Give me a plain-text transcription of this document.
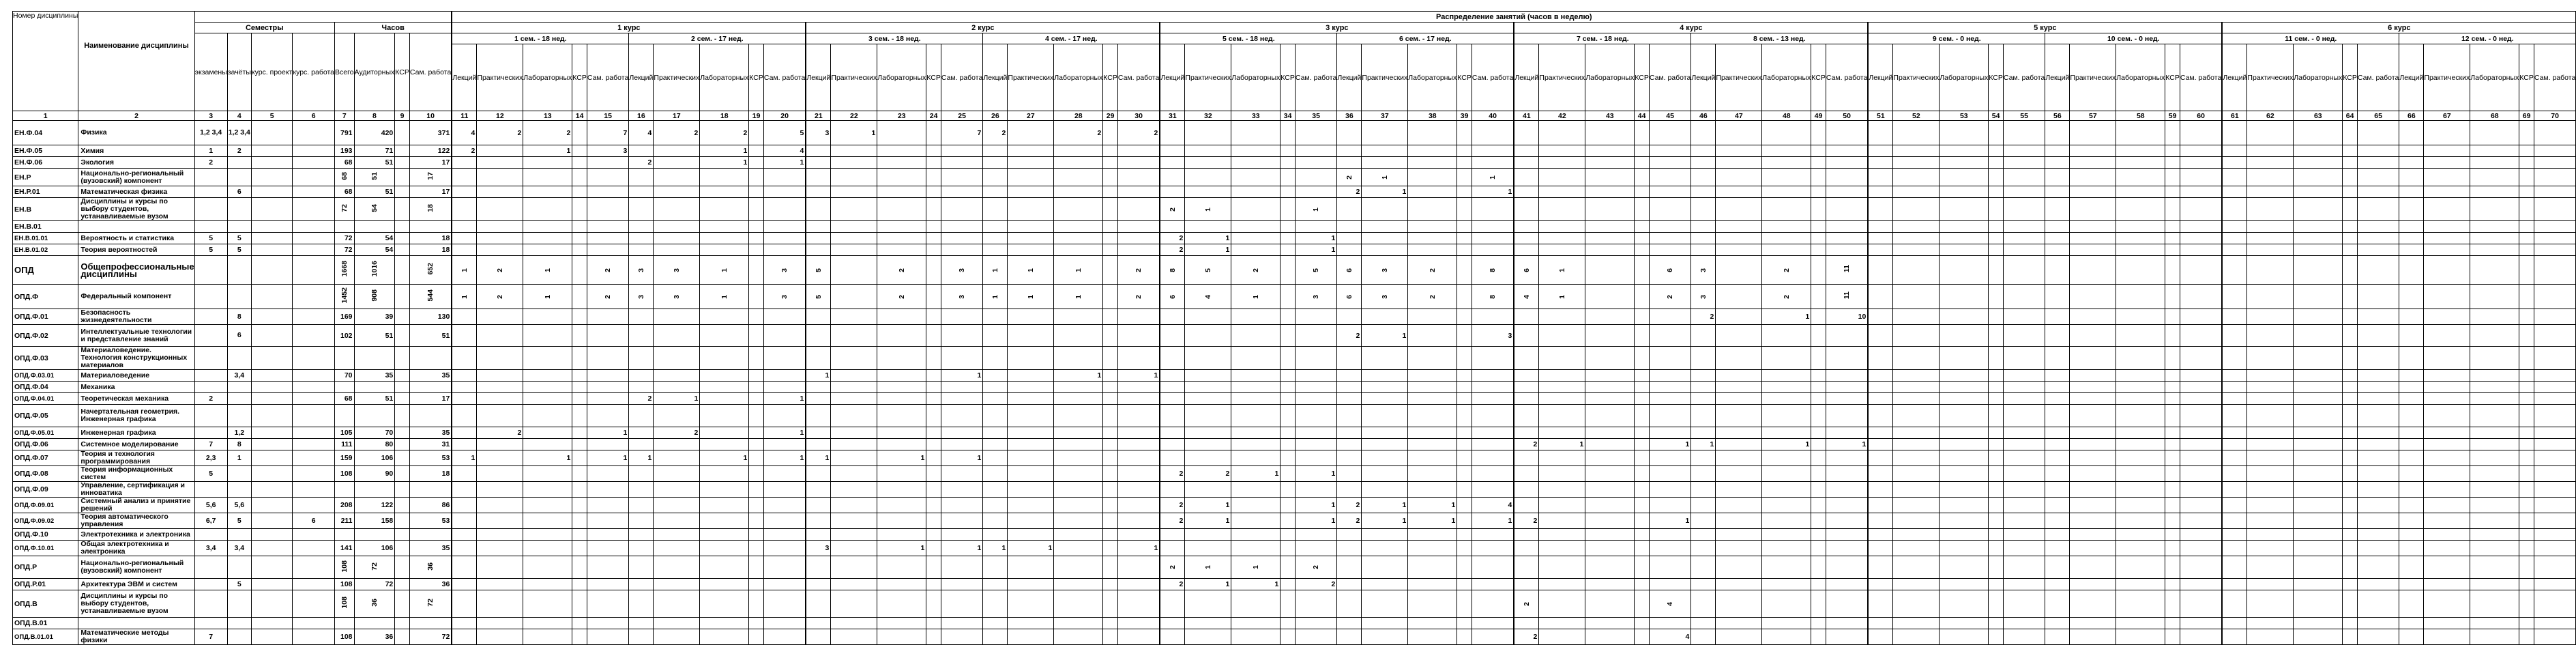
Номер дисциплины	Наименование дисциплины		Распределение занятий (часов в неделю)
Семестры	Часов	1 курс	2 курс	3 курс	4 курс	5 курс	6 курс
экзамены	зачёты	курс. проект	курс. работа	Всего	Аудиторных	КСР	Сам. работа	1 сем. - 18 нед.	2 сем. - 17 нед.	3 сем. - 18 нед.	4 сем. - 17 нед.	5 сем. - 18 нед.	6 сем. - 17 нед.	7 сем. - 18 нед.	8 сем. - 13 нед.	9 сем. - 0 нед.	10 сем. - 0 нед.	11 сем. - 0 нед.	12 сем. - 0 нед.
Лекций	Практических	Лабораторных	КСР	Сам. работа	Лекций	Практических	Лабораторных	КСР	Сам. работа	Лекций	Практических	Лабораторных	КСР	Сам. работа	Лекций	Практических	Лабораторных	КСР	Сам. работа	Лекций	Практических	Лабораторных	КСР	Сам. работа	Лекций	Практических	Лабораторных	КСР	Сам. работа	Лекций	Практических	Лабораторных	КСР	Сам. работа	Лекций	Практических	Лабораторных	КСР	Сам. работа	Лекций	Практических	Лабораторных	КСР	Сам. работа	Лекций	Практических	Лабораторных	КСР	Сам. работа	Лекций	Практических	Лабораторных	КСР	Сам. работа	Лекций	Практических	Лабораторных	КСР	Сам. работа
1	2	3	4	5	6	7	8	9	10	11	12	13	14	15	16	17	18	19	20	21	22	23	24	25	26	27	28	29	30	31	32	33	34	35	36	37	38	39	40	41	42	43	44	45	46	47	48	49	50	51	52	53	54	55	56	57	58	59	60	61	62	63	64	65	66	67	68	69	70
ЕН.Ф.04	Физика	1,2 3,4	1,2 3,4			791	420		371	4	2	2		7	4	2	2		5	3	1			7	2		2		2																																								
ЕН.Ф.05	Химия	1	2			193	71		122	2		1		3			1		4																																																		
ЕН.Ф.06	Экология	2				68	51		17						2		1		1																																																		
ЕН.Р	Национально-региональный (вузовский) компонент					68	51		17																										2	1			1																														
ЕН.Р.01	Математическая физика		6			68	51		17																										2	1			1																														
ЕН.В	Дисциплины и курсы по выбору студентов, устанавливаемые вузом					72	54		18																					2	1			1																																			
ЕН.В.01																																																																					
ЕН.В.01.01	Вероятность и статистика	5	5			72	54		18																					2	1			1																																			
ЕН.В.01.02	Теория вероятностей	5	5			72	54		18																					2	1			1																																			
ОПД	Общепрофессиональные дисциплины					1668	1016		652	1	2	1		2	3	3	1		3	5		2		3	1	1	1		2	8	5	2		5	6	3	2		8	6	1			6	3		2		11																				
ОПД.Ф	Федеральный компонент					1452	908		544	1	2	1		2	3	3	1		3	5		2		3	1	1	1		2	6	4	1		3	6	3	2		8	4	1			2	3		2		11																				
ОПД.Ф.01	Безопасность жизнедеятельности		8			169	39		130																																				2		1		10																				
ОПД.Ф.02	Интеллектуальные технологии и представление знаний		6			102	51		51																										2	1			3																														
ОПД.Ф.03	Материаловедение. Технология конструкционных материалов																																																																				
ОПД.Ф.03.01	Материаловедение		3,4			70	35		35											1				1			1		1																																								
ОПД.Ф.04	Механика																																																																				
ОПД.Ф.04.01	Теоретическая механика	2				68	51		17						2	1			1																																																		
ОПД.Ф.05	Начертательная геометрия. Инженерная графика																																																																				
ОПД.Ф.05.01	Инженерная графика		1,2			105	70		35		2			1		2			1																																																		
ОПД.Ф.06	Системное моделирование	7	8			111	80		31																															2	1			1	1		1		1																				
ОПД.Ф.07	Теория и технология программирования	2,3	1			159	106		53	1		1		1	1		1		1	1		1		1																																													
ОПД.Ф.08	Теория информационных систем	5				108	90		18																					2	2	1		1																																			
ОПД.Ф.09	Управление, сертификация и инноватика																																																																				
ОПД.Ф.09.01	Системный анализ и принятие решений	5,6	5,6			208	122		86																					2	1			1	2	1	1		4																														
ОПД.Ф.09.02	Теория автоматического управления	6,7	5		6	211	158		53																					2	1			1	2	1	1		1	2				1																									
ОПД.Ф.10	Электротехника и электроника																																																																				
ОПД.Ф.10.01	Общая электротехника и электроника	3,4	3,4			141	106		35											3		1		1	1	1			1																																								
ОПД.Р	Национально-региональный (вузовский) компонент					108	72		36																					2	1	1		2																																			
ОПД.Р.01	Архитектура ЭВМ и систем		5			108	72		36																					2	1	1		2																																			
ОПД.В	Дисциплины и курсы по выбору студентов, устанавливаемые вузом					108	36		72																															2				4																									
ОПД.В.01																																																																					
ОПД.В.01.01	Математические методы физики	7				108	36		72																															2				4																									
